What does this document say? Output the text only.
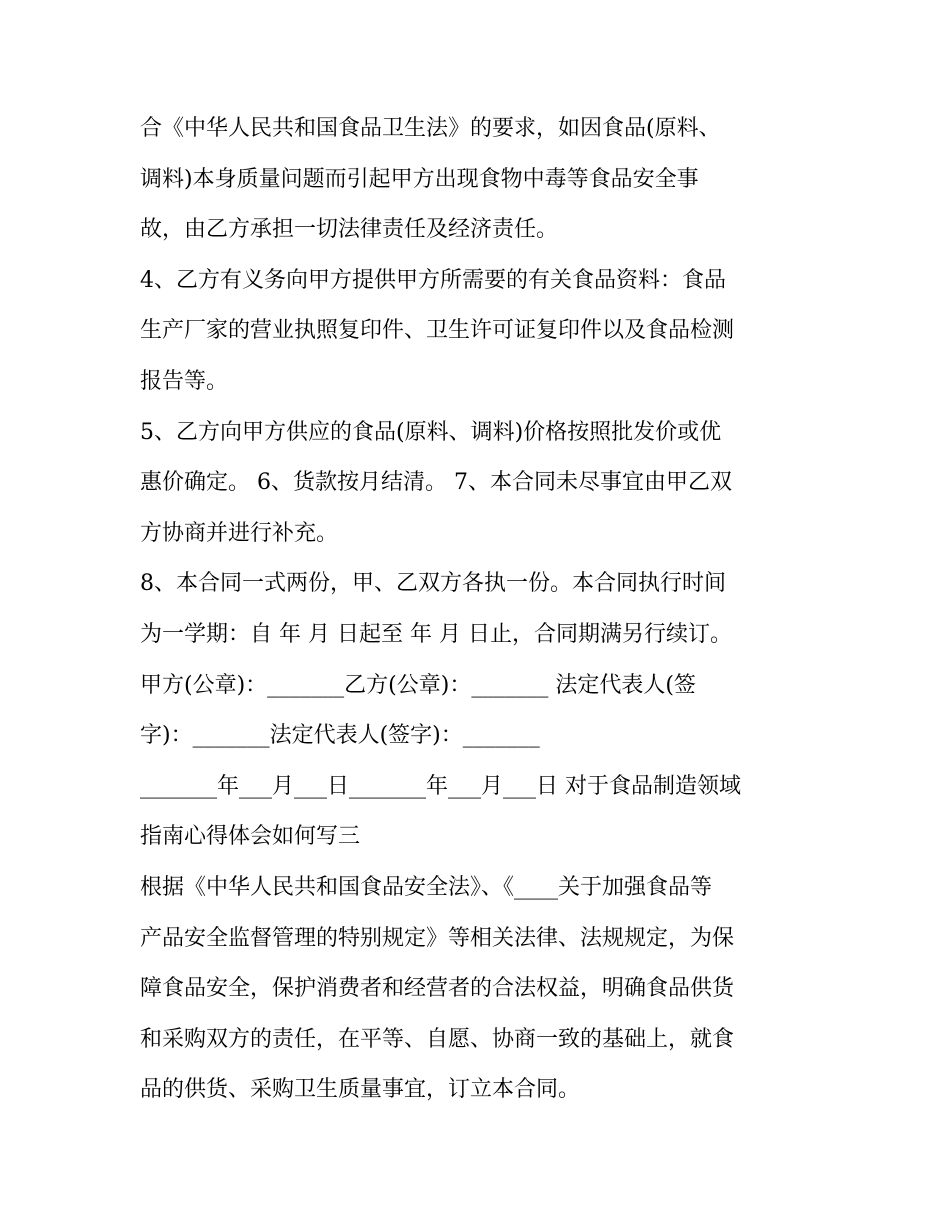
合《中华人民共和国食品卫生法》的要求，如因食品(原料、
调料)本身质量问题而引起甲方出现食物中毒等食品安全事
故，由乙方承担一切法律责任及经济责任。
4、乙方有义务向甲方提供甲方所需要的有关食品资料：食品
生产厂家的营业执照复印件、卫生许可证复印件以及食品检测
报告等。
5、乙方向甲方供应的食品(原料、调料)价格按照批发价或优
惠价确定。 6、货款按月结清。 7、本合同未尽事宜由甲乙双
方协商并进行补充。
8、本合同一式两份，甲、乙双方各执一份。本合同执行时间
为一学期：自 年 月 日起至 年 月 日止，合同期满另行续订。
甲方(公章)：_______乙方(公章)：_______ 法定代表人(签
字)：_______法定代表人(签字)：_______
_______年___月___日_______年___月___日 对于食品制造领域
指南心得体会如何写三
根据《中华人民共和国食品安全法》、《____关于加强食品等
产品安全监督管理的特别规定》等相关法律、法规规定，为保
障食品安全，保护消费者和经营者的合法权益，明确食品供货
和采购双方的责任，在平等、自愿、协商一致的基础上，就食
品的供货、采购卫生质量事宜，订立本合同。
